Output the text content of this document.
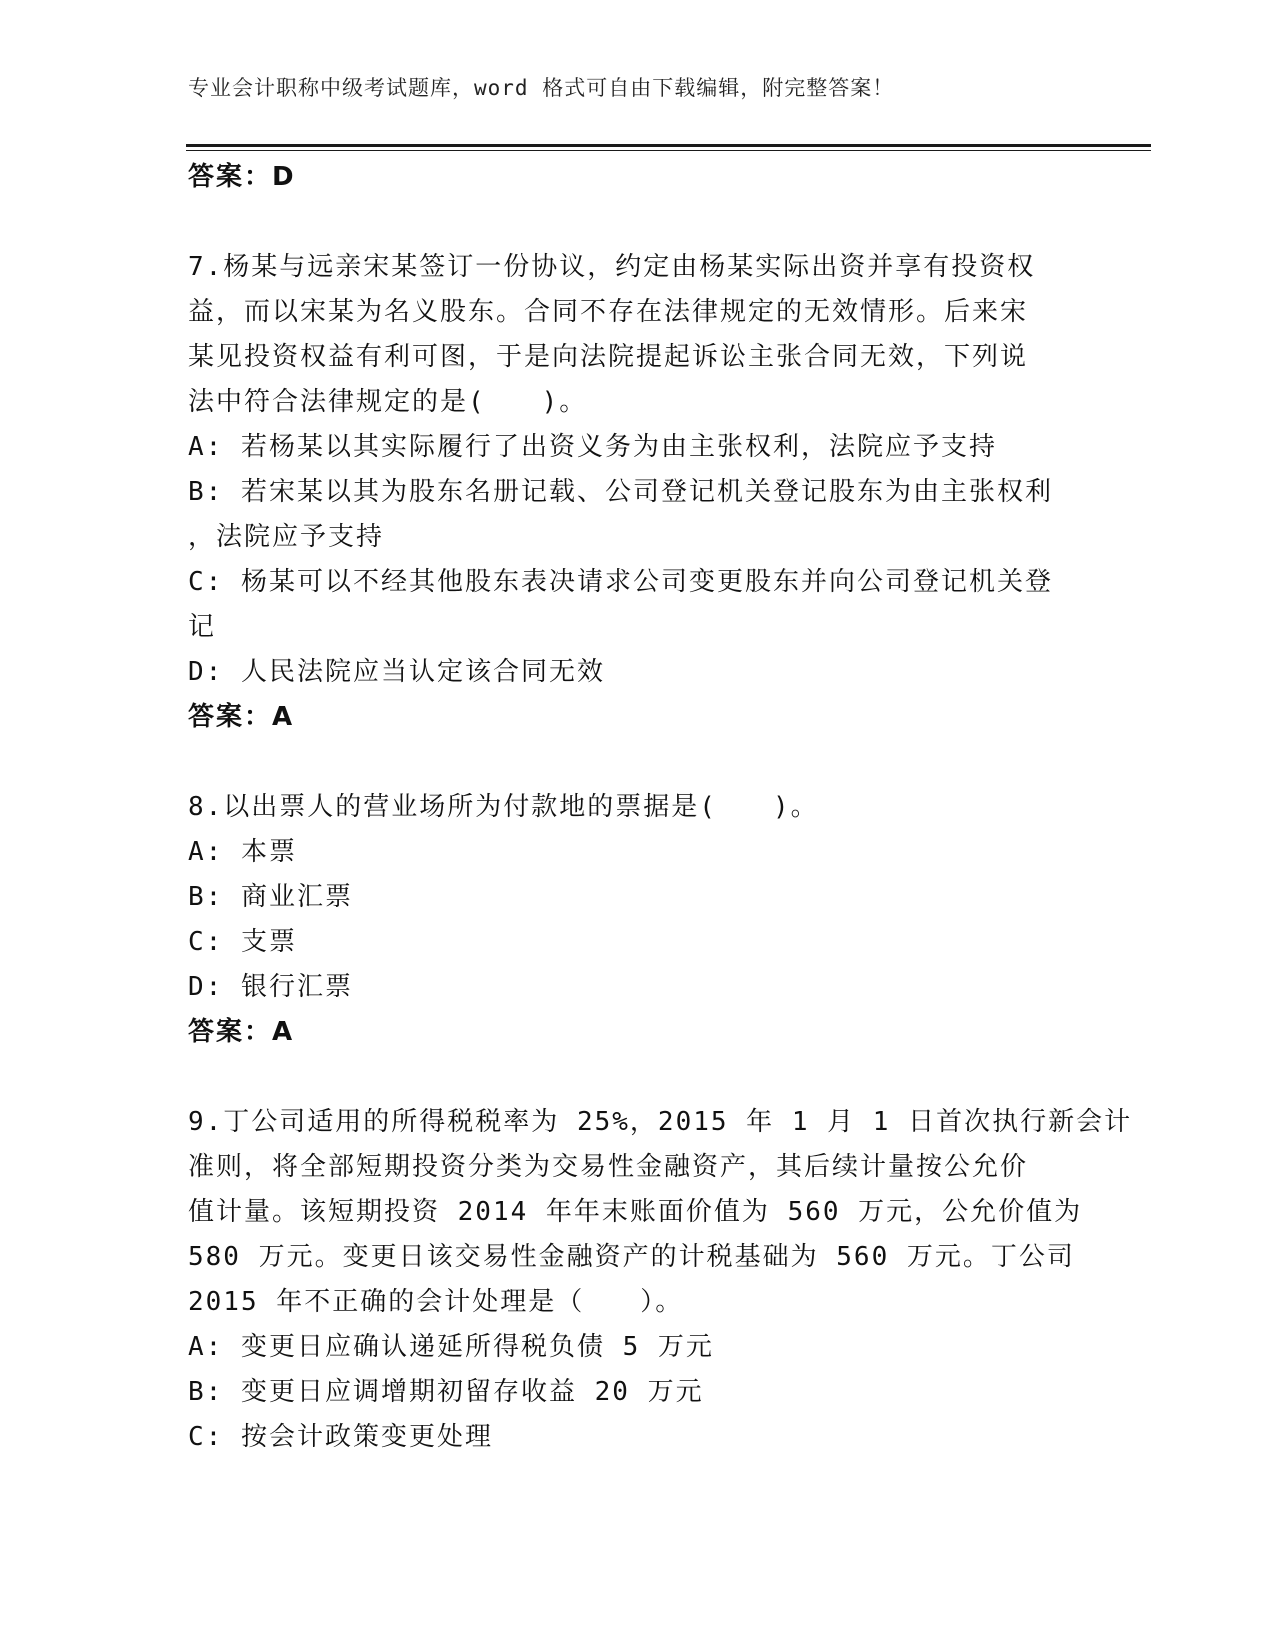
专业会计职称中级考试题库，word 格式可自由下载编辑，附完整答案！
答案：D
7.杨某与远亲宋某签订一份协议，约定由杨某实际出资并享有投资权
益，而以宋某为名义股东。合同不存在法律规定的无效情形。后来宋
某见投资权益有利可图，于是向法院提起诉讼主张合同无效，下列说
法中符合法律规定的是(　　)。
A: 若杨某以其实际履行了出资义务为由主张权利，法院应予支持
B: 若宋某以其为股东名册记载、公司登记机关登记股东为由主张权利
，法院应予支持
C: 杨某可以不经其他股东表决请求公司变更股东并向公司登记机关登
记
D: 人民法院应当认定该合同无效
答案：A
8.以出票人的营业场所为付款地的票据是(　　)。
A: 本票
B: 商业汇票
C: 支票
D: 银行汇票
答案：A
9.丁公司适用的所得税税率为 25%，2015 年 1 月 1 日首次执行新会计
准则，将全部短期投资分类为交易性金融资产，其后续计量按公允价
值计量。该短期投资 2014 年年末账面价值为 560 万元，公允价值为
580 万元。变更日该交易性金融资产的计税基础为 560 万元。丁公司
2015 年不正确的会计处理是（　　）。
A: 变更日应确认递延所得税负债 5 万元
B: 变更日应调增期初留存收益 20 万元
C: 按会计政策变更处理
